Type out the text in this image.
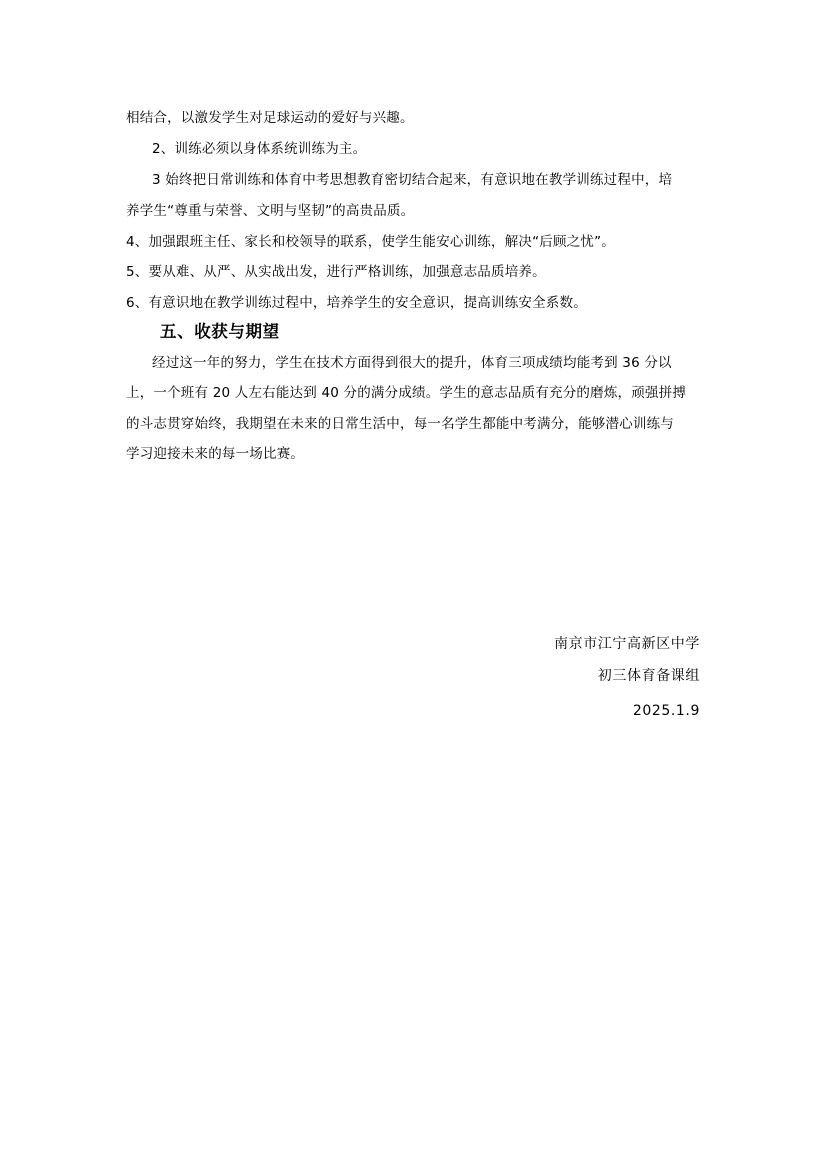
相结合，以激发学生对足球运动的爱好与兴趣。
2、训练必须以身体系统训练为主。
3 始终把日常训练和体育中考思想教育密切结合起来，有意识地在教学训练过程中，培
养学生“尊重与荣誉、文明与坚韧”的高贵品质。
4、加强跟班主任、家长和校领导的联系，使学生能安心训练，解决“后顾之忧”。
5、要从难、从严、从实战出发，进行严格训练，加强意志品质培养。
6、有意识地在教学训练过程中，培养学生的安全意识，提高训练安全系数。
五、收获与期望
经过这一年的努力，学生在技术方面得到很大的提升，体育三项成绩均能考到 36 分以
上，一个班有 20 人左右能达到 40 分的满分成绩。学生的意志品质有充分的磨炼，顽强拼搏
的斗志贯穿始终，我期望在未来的日常生活中，每一名学生都能中考满分，能够潜心训练与
学习迎接未来的每一场比赛。
南京市江宁高新区中学
初三体育备课组
2025.1.9
